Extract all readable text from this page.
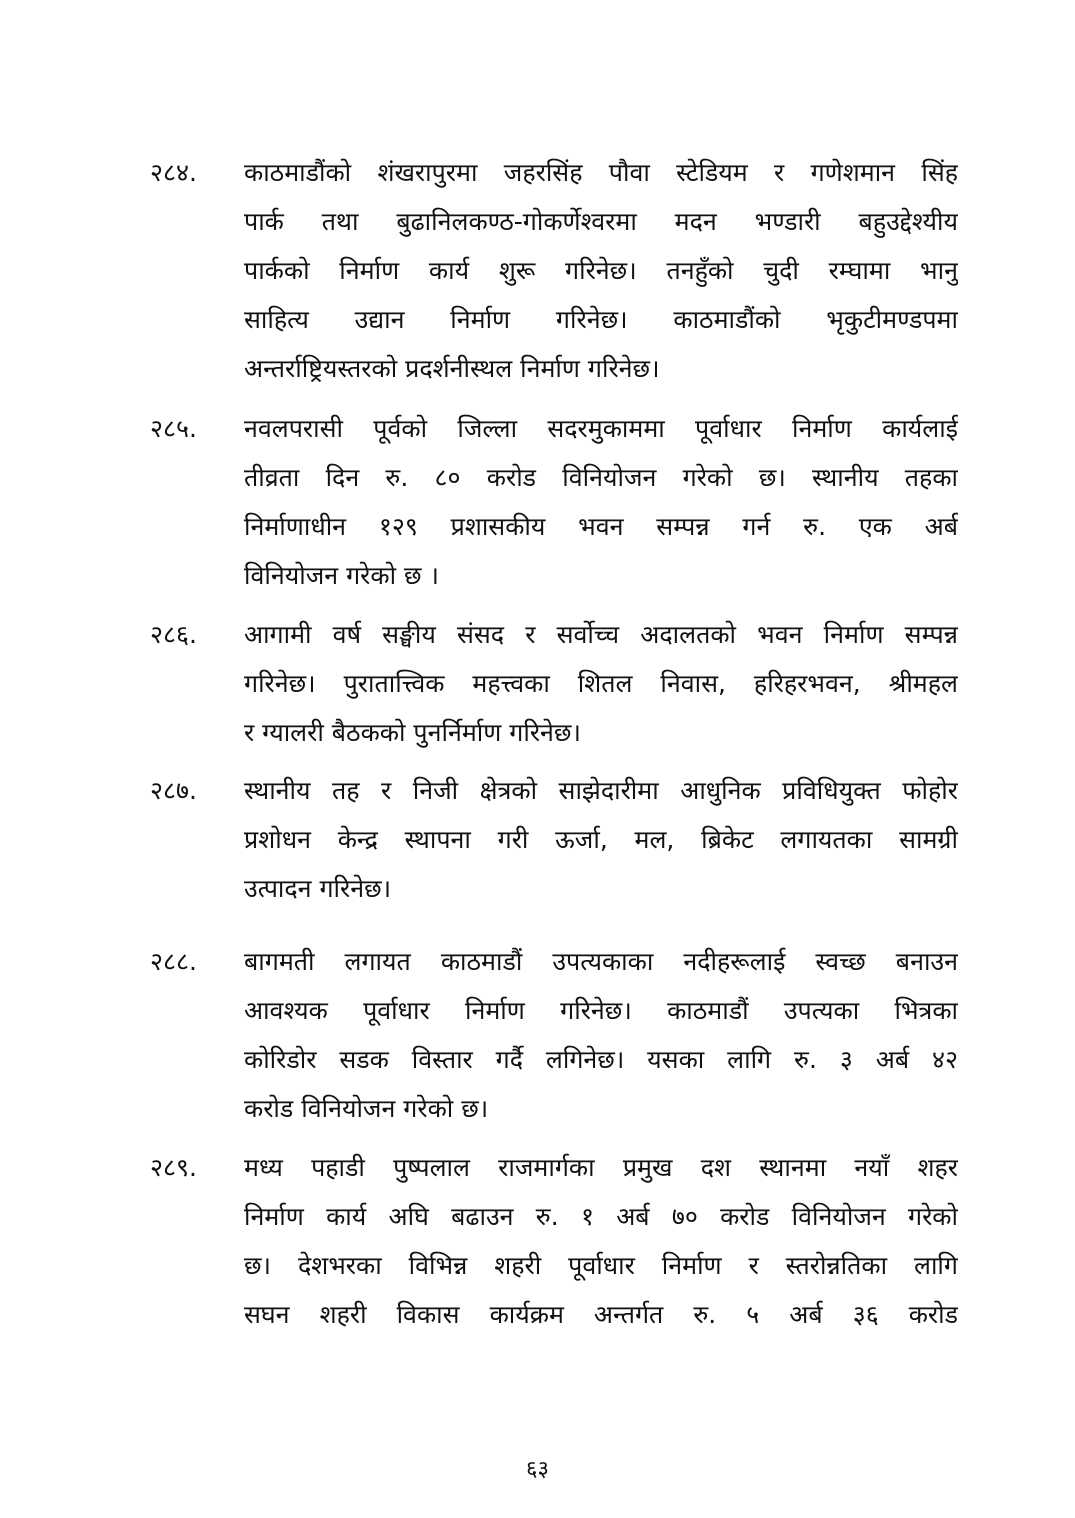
२८४.	काठमाडौंको शंखरापुरमा जहरसिंह पौवा स्टेडियम र गणेशमान सिंह
पार्क तथा बुढानिलकण्ठ-गोकर्णेश्वरमा मदन भण्डारी बहुउद्देश्यीय
पार्कको निर्माण कार्य शुरू गरिनेछ। तनहुँको चुदी रम्घामा भानु
साहित्य उद्यान निर्माण गरिनेछ। काठमाडौंको भृकुटीमण्डपमा
अन्तर्राष्ट्रियस्तरको प्रदर्शनीस्थल निर्माण गरिनेछ।
२८५.	नवलपरासी पूर्वको जिल्ला सदरमुकाममा पूर्वाधार निर्माण कार्यलाई
तीव्रता दिन रु. ८० करोड विनियोजन गरेको छ। स्थानीय तहका
निर्माणाधीन १२९ प्रशासकीय भवन सम्पन्न गर्न रु. एक अर्ब
विनियोजन गरेको छ ।
२८६.	आगामी वर्ष सङ्घीय संसद र सर्वोच्च अदालतको भवन निर्माण सम्पन्न
गरिनेछ। पुरातात्त्विक महत्त्वका शितल निवास, हरिहरभवन, श्रीमहल
र ग्यालरी बैठकको पुनर्निर्माण गरिनेछ।
२८७.	स्थानीय तह र निजी क्षेत्रको साझेदारीमा आधुनिक प्रविधियुक्त फोहोर
प्रशोधन केन्द्र स्थापना गरी ऊर्जा, मल, ब्रिकेट लगायतका सामग्री
उत्पादन गरिनेछ।
२८८.	बागमती लगायत काठमाडौं उपत्यकाका नदीहरूलाई स्वच्छ बनाउन
आवश्यक पूर्वाधार निर्माण गरिनेछ। काठमाडौं उपत्यका भित्रका
कोरिडोर सडक विस्तार गर्दै लगिनेछ। यसका लागि रु. ३ अर्ब ४२
करोड विनियोजन गरेको छ।
२८९.	मध्य पहाडी पुष्पलाल राजमार्गका प्रमुख दश स्थानमा नयाँ शहर
निर्माण कार्य अघि बढाउन रु. १ अर्ब ७० करोड विनियोजन गरेको
छ। देशभरका विभिन्न शहरी पूर्वाधार निर्माण र स्तरोन्नतिका लागि
सघन शहरी विकास कार्यक्रम अन्तर्गत रु. ५ अर्ब ३६ करोड
६३
